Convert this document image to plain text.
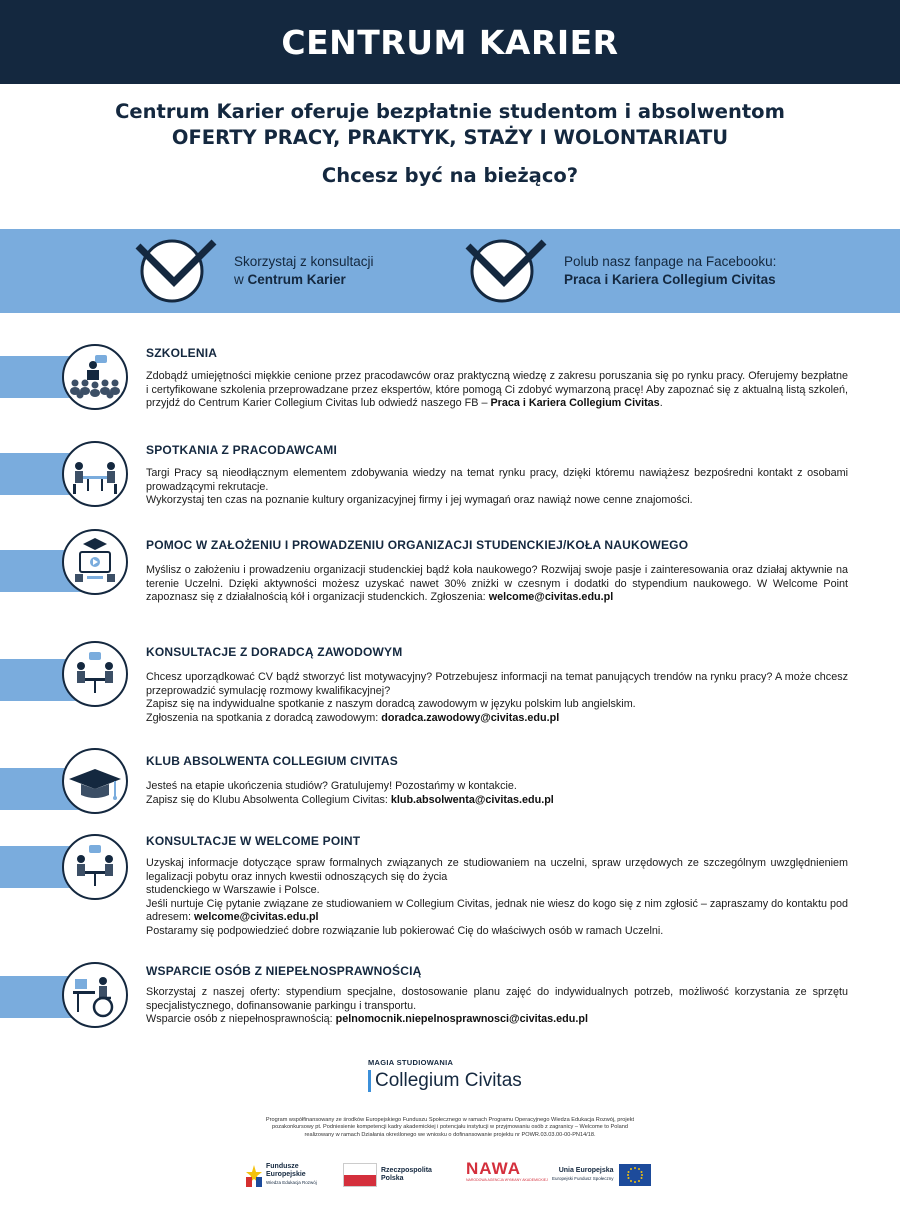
CENTRUM KARIER
Centrum Karier oferuje bezpłatnie studentom i absolwentom
OFERTY PRACY, PRAKTYK, STAŻY I WOLONTARIATU
Chcesz być na bieżąco?
Skorzystaj z konsultacji
w Centrum Karier
Polub nasz fanpage na Facebooku:
Praca i Kariera Collegium Civitas
SZKOLENIA

Zdobądź umiejętności miękkie cenione przez pracodawców oraz praktyczną wiedzę z zakresu poruszania się po rynku pracy. Oferujemy bezpłatne i certyfikowane szkolenia przeprowadzane przez ekspertów, które pomogą Ci zdobyć wymarzoną pracę! Aby zapoznać się z aktualną listą szkoleń, przyjdź do Centrum Karier Collegium Civitas lub odwiedź naszego FB – Praca i Kariera Collegium Civitas.

SPOTKANIA Z PRACODAWCAMI

Targi Pracy są nieodłącznym elementem zdobywania wiedzy na temat rynku pracy, dzięki któremu nawiążesz bezpośredni kontakt z osobami prowadzącymi rekrutacje.

Wykorzystaj ten czas na poznanie kultury organizacyjnej firmy i jej wymagań oraz nawiąż nowe cenne znajomości.

POMOC W ZAŁOŻENIU I PROWADZENIU ORGANIZACJI STUDENCKIEJ/KOŁA NAUKOWEGO

Myślisz o założeniu i prowadzeniu organizacji studenckiej bądź koła naukowego? Rozwijaj swoje pasje i zainteresowania oraz działaj aktywnie na terenie Uczelni. Dzięki aktywności możesz uzyskać nawet 30% zniżki w czesnym i dodatki do stypendium naukowego. W Welcome Point zapoznasz się z działalnością kół i organizacji studenckich. Zgłoszenia: welcome@civitas.edu.pl

KONSULTACJE Z DORADCĄ ZAWODOWYM

Chcesz uporządkować CV bądź stworzyć list motywacyjny? Potrzebujesz informacji na temat panujących trendów na rynku pracy? A może chcesz przeprowadzić symulację rozmowy kwalifikacyjnej?

Zapisz się na indywidualne spotkanie z naszym doradcą zawodowym w języku polskim lub angielskim.

Zgłoszenia na spotkania z doradcą zawodowym: doradca.zawodowy@civitas.edu.pl

KLUB ABSOLWENTA COLLEGIUM CIVITAS

Jesteś na etapie ukończenia studiów? Gratulujemy! Pozostańmy w kontakcie.

Zapisz się do Klubu Absolwenta Collegium Civitas: klub.absolwenta@civitas.edu.pl

KONSULTACJE W WELCOME POINT

Uzyskaj informacje dotyczące spraw formalnych związanych ze studiowaniem na uczelni, spraw urzędowych ze szczególnym uwzględnieniem legalizacji pobytu oraz innych kwestii odnoszących się do życia

studenckiego w Warszawie i Polsce.

Jeśli nurtuje Cię pytanie związane ze studiowaniem w Collegium Civitas, jednak nie wiesz do kogo się z nim zgłosić – zapraszamy do kontaktu pod adresem: welcome@civitas.edu.pl

Postaramy się podpowiedzieć dobre rozwiązanie lub pokierować Cię do właściwych osób w ramach Uczelni.

WSPARCIE OSÓB Z NIEPEŁNOSPRAWNOŚCIĄ

Skorzystaj z naszej oferty: stypendium specjalne, dostosowanie planu zajęć do indywidualnych potrzeb, możliwość korzystania ze sprzętu specjalistycznego, dofinansowanie parkingu i transportu.

Wsparcie osób z niepełnosprawnością: pelnomocnik.niepelnosprawnosci@civitas.edu.pl

MAGIA STUDIOWANIA
Collegium Civitas
Program współfinansowany ze środków Europejskiego Funduszu Społecznego w ramach Programu Operacyjnego Wiedza Edukacja Rozwój, projekt
pozakonkursowy pt. Podniesienie kompetencji kadry akademickiej i potencjału instytucji w przyjmowaniu osób z zagranicy – Welcome to Poland
realizowany w ramach Działania określonego we wniosku o dofinansowanie projektu nr POWR.03.03.00-00-PN14/18.
Fundusze
Europejskie
Wiedza Edukacja Rozwój
Rzeczpospolita
Polska
NAWA
NARODOWA AGENCJA WYMIANY AKADEMICKIEJ
Unia Europejska
Europejski Fundusz Społeczny
